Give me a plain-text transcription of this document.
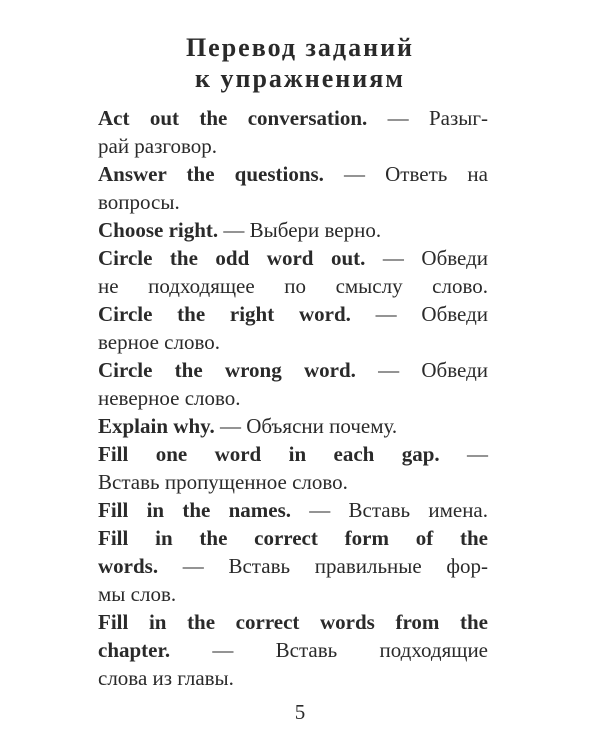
Перевод заданий
к упражнениям
Act out the conversation. — Разыг-
рай разговор.
Answer the questions. — Ответь на
вопросы.
Choose right. — Выбери верно.
Circle the odd word out. — Обведи
не подходящее по смыслу слово.
Circle the right word. — Обведи
верное слово.
Circle the wrong word. — Обведи
неверное слово.
Explain why. — Объясни почему.
Fill one word in each gap. —
Вставь пропущенное слово.
Fill in the names. — Вставь имена.
Fill in the correct form of the
words. — Вставь правильные фор-
мы слов.
Fill in the correct words from the
chapter. — Вставь подходящие
слова из главы.
5
